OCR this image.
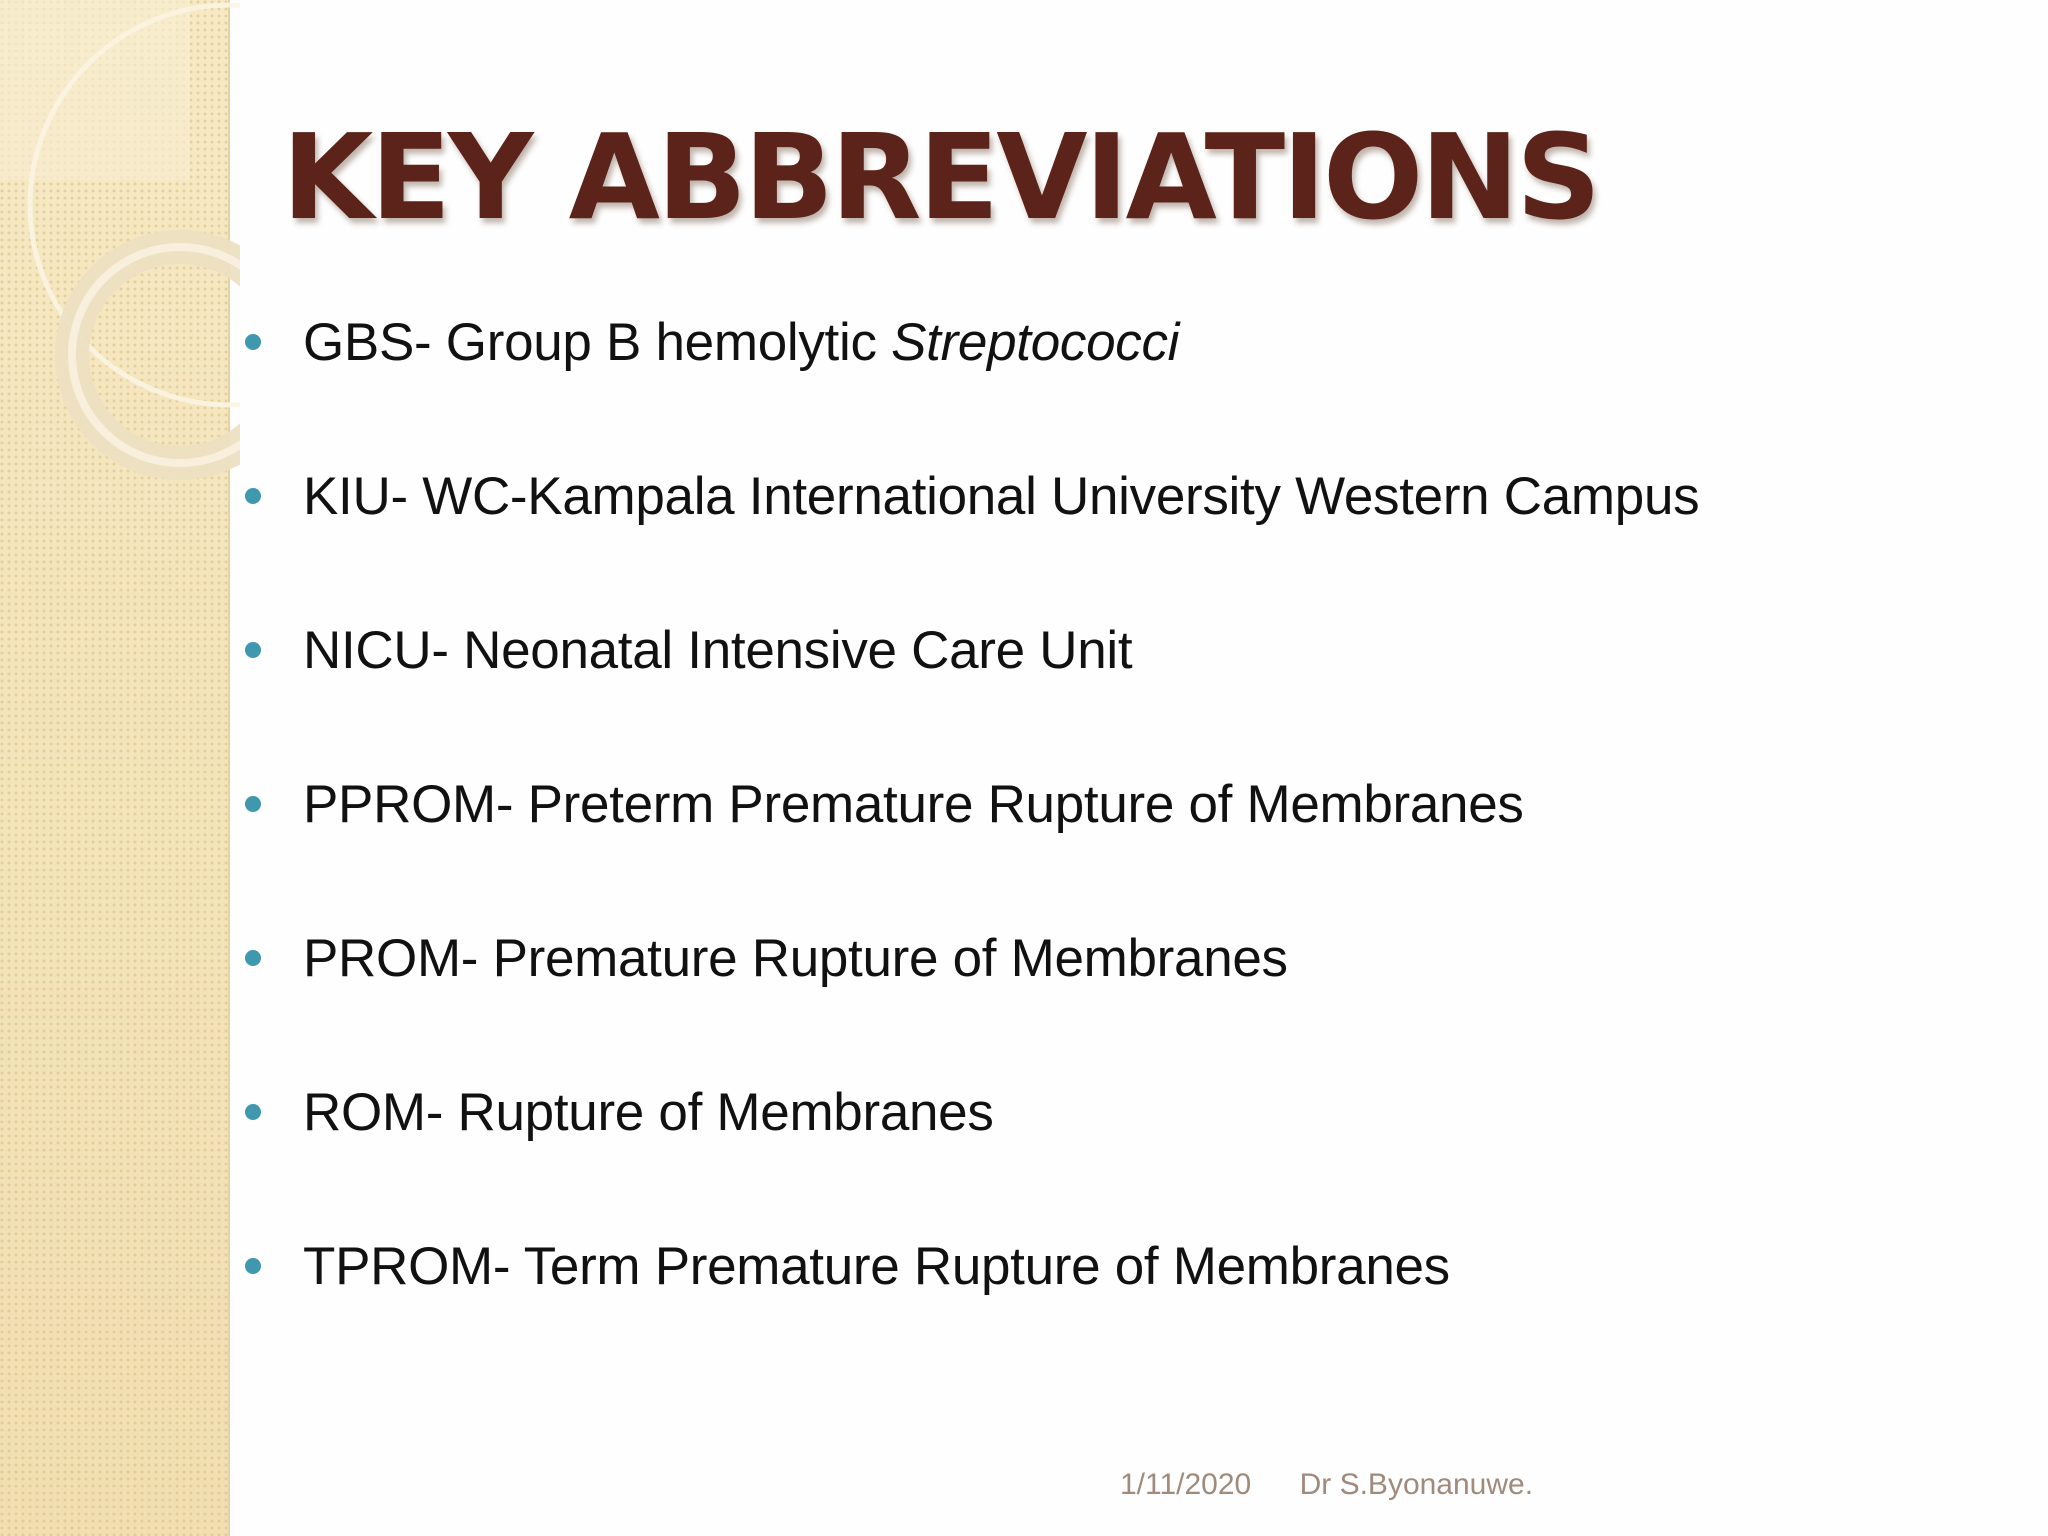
KEY ABBREVIATIONS
GBS- Group B hemolytic Streptococci
KIU- WC-Kampala International University Western Campus
NICU- Neonatal Intensive Care Unit
PPROM- Preterm Premature Rupture of Membranes
PROM- Premature Rupture of Membranes
ROM- Rupture of Membranes
TPROM- Term Premature Rupture of Membranes
1/11/2020 Dr S.Byonanuwe.
